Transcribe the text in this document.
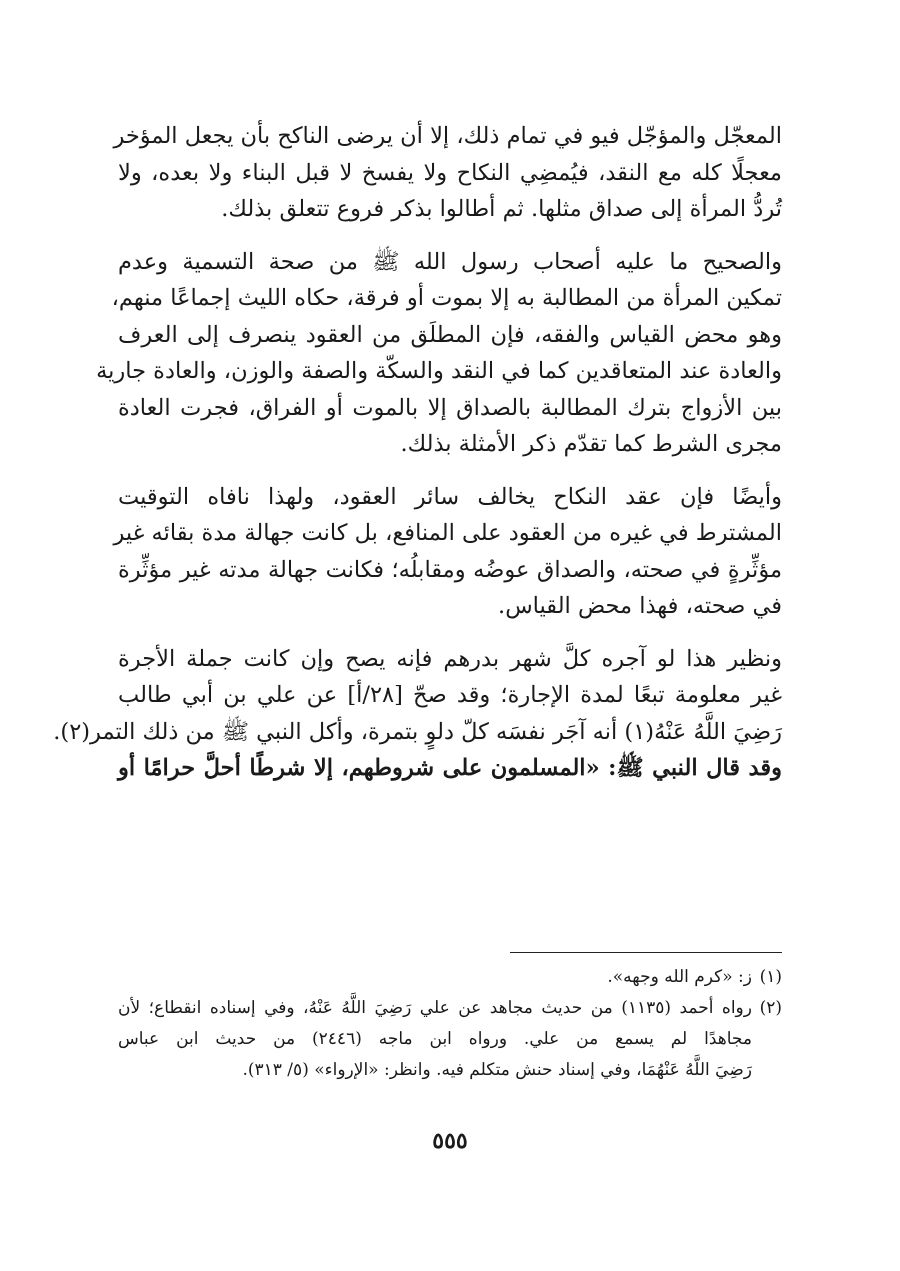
المعجّل والمؤجّل فيو في تمام ذلك، إلا أن يرضى الناكح بأن يجعل المؤخر
معجلًا كله مع النقد، فيُمضِي النكاح ولا يفسخ لا قبل البناء ولا بعده، ولا
تُردُّ المرأة إلى صداق مثلها. ثم أطالوا بذكر فروع تتعلق بذلك.

والصحيح ما عليه أصحاب رسول الله ﷺ من صحة التسمية وعدم
تمكين المرأة من المطالبة به إلا بموت أو فرقة، حكاه الليث إجماعًا منهم،
وهو محض القياس والفقه، فإن المطلَق من العقود ينصرف إلى العرف
والعادة عند المتعاقدين كما في النقد والسكّة والصفة والوزن، والعادة جارية
بين الأزواج بترك المطالبة بالصداق إلا بالموت أو الفراق، فجرت العادة
مجرى الشرط كما تقدّم ذكر الأمثلة بذلك.

وأيضًا فإن عقد النكاح يخالف سائر العقود، ولهذا نافاه التوقيت
المشترط في غيره من العقود على المنافع، بل كانت جهالة مدة بقائه غير
مؤثِّرةٍ في صحته، والصداق عوضُه ومقابلُه؛ فكانت جهالة مدته غير مؤثِّرة
في صحته، فهذا محض القياس.

ونظير هذا لو آجره كلَّ شهر بدرهم فإنه يصح وإن كانت جملة الأجرة
غير معلومة تبعًا لمدة الإجارة؛ وقد صحّ [٢٨/أ] عن علي بن أبي طالب
رَضِيَ اللَّهُ عَنْهُ(١) أنه آجَر نفسَه كلّ دلوٍ بتمرة، وأكل النبي ﷺ من ذلك التمر(٢).
وقد قال النبي ﷺ: «المسلمون على شروطهم، إلا شرطًا أحلَّ حرامًا أو

(١)
ز: «كرم الله وجهه».
(٢)
رواه أحمد (١١٣٥) من حديث مجاهد عن علي رَضِيَ اللَّهُ عَنْهُ، وفي إسناده انقطاع؛ لأن
مجاهدًا لم يسمع من علي. ورواه ابن ماجه (٢٤٤٦) من حديث ابن عباس
رَضِيَ اللَّهُ عَنْهُمَا، وفي إسناد حنش متكلم فيه. وانظر: «الإرواء» (٥/ ٣١٣).
٥٥٥
